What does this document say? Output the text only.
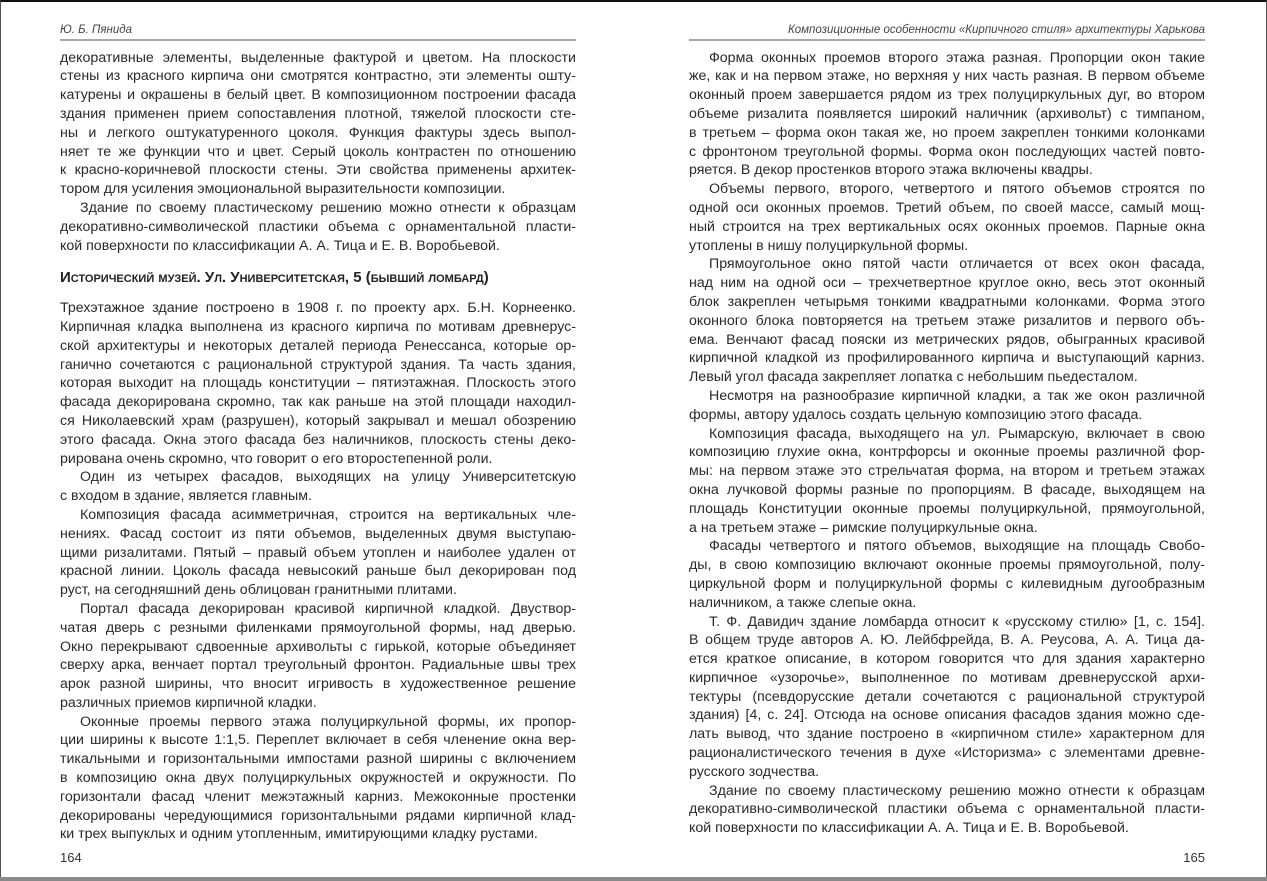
Ю. Б. Пянида
декоративные элементы, выделенные фактурой и цветом. На плоскости
стены из красного кирпича они смотрятся контрастно, эти элементы ошту-
катурены и окрашены в белый цвет. В композиционном построении фасада
здания применен прием сопоставления плотной, тяжелой плоскости сте-
ны и легкого оштукатуренного цоколя. Функция фактуры здесь выпол-
няет те же функции что и цвет. Серый цоколь контрастен по отношению
к красно-коричневой плоскости стены. Эти свойства применены архитек-
тором для усиления эмоциональной выразительности композиции.
Здание по своему пластическому решению можно отнести к образцам
декоративно-символической пластики объема с орнаментальной пласти-
кой поверхности по классификации А. А. Тица и Е. В. Воробьевой.
Исторический музей. Ул. Университетская, 5 (бывший ломбард)
Трехэтажное здание построено в 1908 г. по проекту арх. Б.Н. Корнеенко.
Кирпичная кладка выполнена из красного кирпича по мотивам древнерус-
ской архитектуры и некоторых деталей периода Ренессанса, которые ор-
ганично сочетаются с рациональной структурой здания. Та часть здания,
которая выходит на площадь конституции – пятиэтажная. Плоскость этого
фасада декорирована скромно, так как раньше на этой площади находил-
ся Николаевский храм (разрушен), который закрывал и мешал обозрению
этого фасада. Окна этого фасада без наличников, плоскость стены деко-
рирована очень скромно, что говорит о его второстепенной роли.
Один из четырех фасадов, выходящих на улицу Университетскую
с входом в здание, является главным.
Композиция фасада асимметричная, строится на вертикальных чле-
нениях. Фасад состоит из пяти объемов, выделенных двумя выступаю-
щими ризалитами. Пятый – правый объем утоплен и наиболее удален от
красной линии. Цоколь фасада невысокий раньше был декорирован под
руст, на сегодняшний день облицован гранитными плитами.
Портал фасада декорирован красивой кирпичной кладкой. Двуствор-
чатая дверь с резными филенками прямоугольной формы, над дверью.
Окно перекрывают сдвоенные архивольты с гирькой, которые объединяет
сверху арка, венчает портал треугольный фронтон. Радиальные швы трех
арок разной ширины, что вносит игривость в художественное решение
различных приемов кирпичной кладки.
Оконные проемы первого этажа полуциркульной формы, их пропор-
ции ширины к высоте 1:1,5. Переплет включает в себя членение окна вер-
тикальными и горизонтальными импостами разной ширины с включением
в композицию окна двух полуциркульных окружностей и окружности. По
горизонтали фасад членит межэтажный карниз. Межоконные простенки
декорированы чередующимися горизонтальными рядами кирпичной клад-
ки трех выпуклых и одним утопленным, имитирующими кладку рустами.
164
Композиционные особенности «Кирпичного стиля» архитектуры Харькова
Форма оконных проемов второго этажа разная. Пропорции окон такие
же, как и на первом этаже, но верхняя у них часть разная. В первом объеме
оконный проем завершается рядом из трех полуциркульных дуг, во втором
объеме ризалита появляется широкий наличник (архивольт) с тимпаном,
в третьем – форма окон такая же, но проем закреплен тонкими колонками
с фронтоном треугольной формы. Форма окон последующих частей повто-
ряется. В декор простенков второго этажа включены квадры.
Объемы первого, второго, четвертого и пятого объемов строятся по
одной оси оконных проемов. Третий объем, по своей массе, самый мощ-
ный строится на трех вертикальных осях оконных проемов. Парные окна
утоплены в нишу полуциркульной формы.
Прямоугольное окно пятой части отличается от всех окон фасада,
над ним на одной оси – трехчетвертное круглое окно, весь этот оконный
блок закреплен четырьмя тонкими квадратными колонками. Форма этого
оконного блока повторяется на третьем этаже ризалитов и первого объ-
ема. Венчают фасад пояски из метрических рядов, обыгранных красивой
кирпичной кладкой из профилированного кирпича и выступающий карниз.
Левый угол фасада закрепляет лопатка с небольшим пьедесталом.
Несмотря на разнообразие кирпичной кладки, а так же окон различной
формы, автору удалось создать цельную композицию этого фасада.
Композиция фасада, выходящего на ул. Рымарскую, включает в свою
композицию глухие окна, контрфорсы и оконные проемы различной фор-
мы: на первом этаже это стрельчатая форма, на втором и третьем этажах
окна лучковой формы разные по пропорциям. В фасаде, выходящем на
площадь Конституции оконные проемы полуциркульной, прямоугольной,
а на третьем этаже – римские полуциркульные окна.
Фасады четвертого и пятого объемов, выходящие на площадь Свобо-
ды, в свою композицию включают оконные проемы прямоугольной, полу-
циркульной форм и полуциркульной формы с килевидным дугообразным
наличником, а также слепые окна.
Т. Ф. Давидич здание ломбарда относит к «русскому стилю» [1, с. 154].
В общем труде авторов А. Ю. Лейбфрейда, В. А. Реусова, А. А. Тица да-
ется краткое описание, в котором говорится что для здания характерно
кирпичное «узорочье», выполненное по мотивам древнерусской архи-
тектуры (псевдорусские детали сочетаются с рациональной структурой
здания) [4, с. 24]. Отсюда на основе описания фасадов здания можно сде-
лать вывод, что здание построено в «кирпичном стиле» характерном для
рационалистического течения в духе «Историзма» с элементами древне-
русского зодчества.
Здание по своему пластическому решению можно отнести к образцам
декоративно-символической пластики объема с орнаментальной пласти-
кой поверхности по классификации А. А. Тица и Е. В. Воробьевой.
165
